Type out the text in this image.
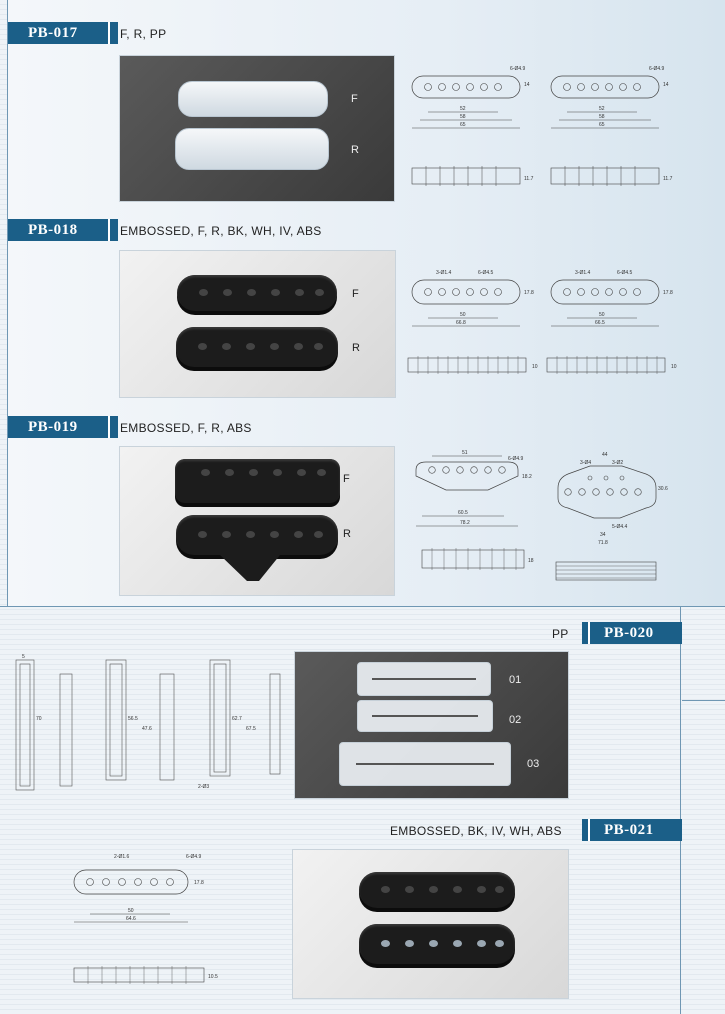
PB-017	F, R, PP
F
R
52
58
65
6-Ø4.9
14
11.7
52
58
65
6-Ø4.9
14
11.7
PB-018	EMBOSSED, F, R, BK, WH, IV, ABS
F
R
50
66.8
3-Ø1.4	6-Ø4.5
17.8
10
50
66.5
3-Ø1.4	6-Ø4.5
17.8
10
PB-019	EMBOSSED, F, R, ABS
F
R
51
6-Ø4.9
18.2
60.5
78.2
18
44
3-Ø4	3-Ø2
30.6
34
71.8
5-Ø4.4
PP	PB-020
5
70	56.5
47.6
62.7
67.5
2-Ø3
01
02
03
EMBOSSED, BK, IV, WH, ABS	PB-021
50
64.6
2-Ø1.6	6-Ø4.9
17.8
10.5
